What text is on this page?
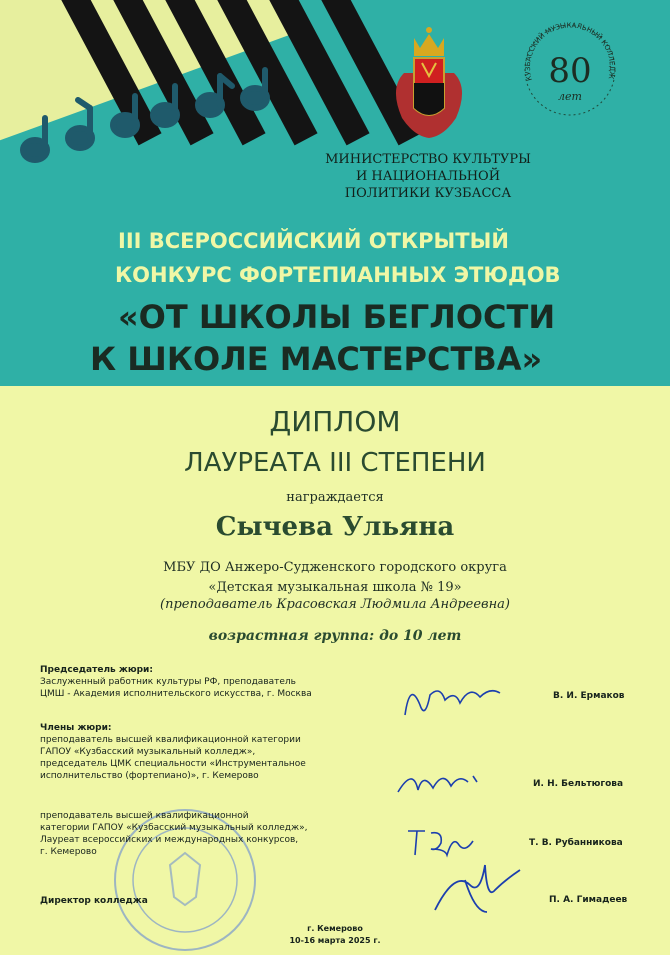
80
лет
КУЗБАССКИЙ МУЗЫКАЛЬНЫЙ КОЛЛЕДЖ
МИНИСТЕРСТВО КУЛЬТУРЫ
И НАЦИОНАЛЬНОЙ
ПОЛИТИКИ КУЗБАССА
III ВСЕРОССИЙСКИЙ ОТКРЫТЫЙ
КОНКУРС ФОРТЕПИАННЫХ ЭТЮДОВ
«ОТ ШКОЛЫ БЕГЛОСТИ
К ШКОЛЕ МАСТЕРСТВА»
ДИПЛОМ
ЛАУРЕАТА III СТЕПЕНИ
награждается
Сычева Ульяна
МБУ ДО Анжеро-Судженского городского округа
«Детская музыкальная школа № 19»
(преподаватель Красовская Людмила Андреевна)
возрастная группа: до 10 лет
Председатель жюри:
Заслуженный работник культуры РФ, преподаватель
ЦМШ - Академия исполнительского искусства, г. Москва	В. И. Ермаков
Члены жюри:
преподаватель высшей квалификационной категории
ГАПОУ «Кузбасский музыкальный колледж»,
председатель ЦМК специальности «Инструментальное
исполнительство (фортепиано)», г. Кемерово
И. Н. Бельтюгова
преподаватель высшей квалификационной
категории ГАПОУ «Кузбасский музыкальный колледж»,
Лауреат всероссийских и международных конкурсов,
г. Кемерово
Т. В. Рубанникова
Директор колледжа	П. А. Гимадеев
г. Кемерово
10-16 марта 2025 г.
